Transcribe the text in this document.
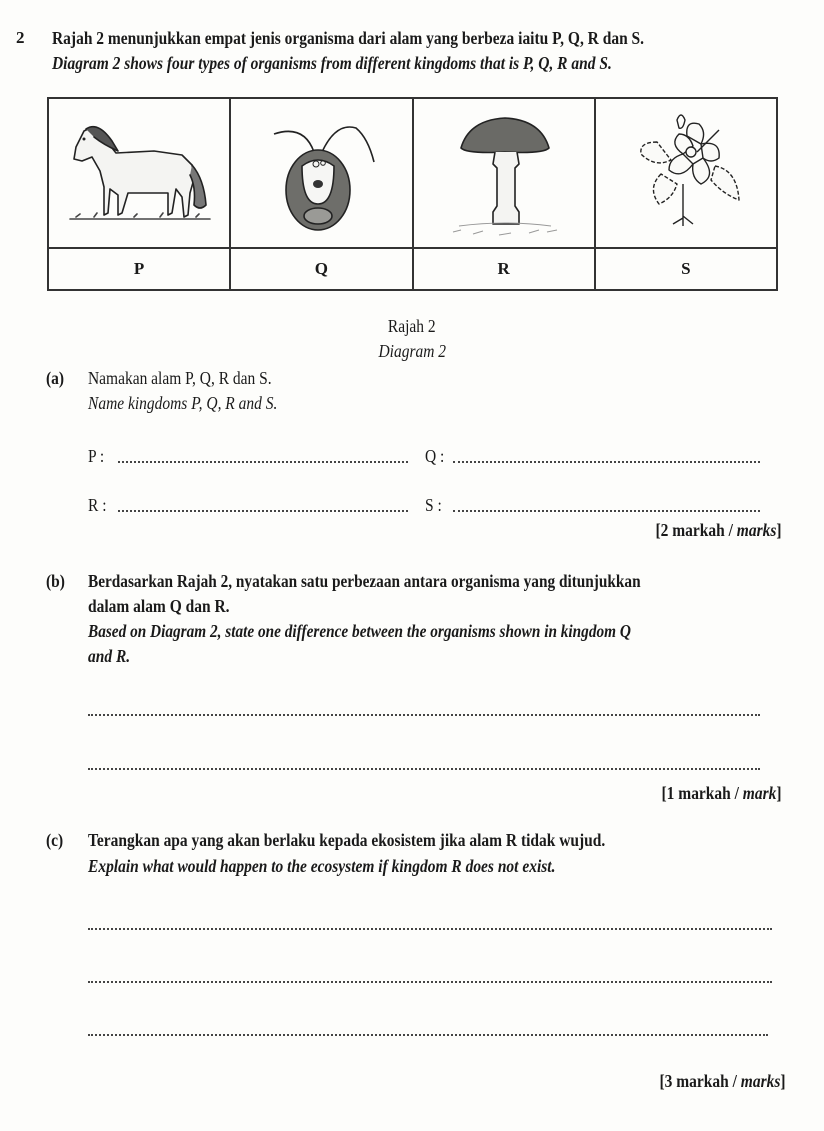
2 Rajah 2 menunjukkan empat jenis organisma dari alam yang berbeza iaitu P, Q, R dan S.
Diagram 2 shows four types of organisms from different kingdoms that is P, Q, R and S.

P	Q	R	S
Rajah 2
Diagram 2
(a) Namakan alam P, Q, R dan S.
Name kingdoms P, Q, R and S.
P :	Q :
R :	S :
[2 markah / marks]
(b) Berdasarkan Rajah 2, nyatakan satu perbezaan antara organisma yang ditunjukkan
dalam alam Q dan R.
Based on Diagram 2, state one difference between the organisms shown in kingdom Q
and R.
[1 markah / mark]
(c) Terangkan apa yang akan berlaku kepada ekosistem jika alam R tidak wujud.
Explain what would happen to the ecosystem if kingdom R does not exist.
[3 markah / marks]
